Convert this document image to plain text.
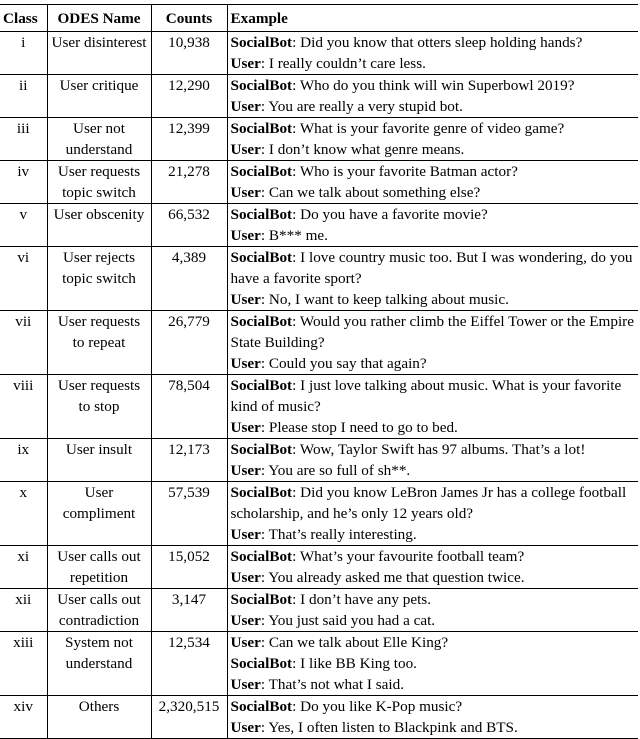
Class	ODES Name	Counts	Example
i	User disinterest	10,938	SocialBot: Did you know that otters sleep holding hands?
User: I really couldn’t care less.

ii	User critique	12,290	SocialBot: Who do you think will win Superbowl 2019?
User: You are really a very stupid bot.

iii	User not understand	12,399	SocialBot: What is your favorite genre of video game?
User: I don’t know what genre means.

iv	User requests topic switch	21,278	SocialBot: Who is your favorite Batman actor?
User: Can we talk about something else?

v	User obscenity	66,532	SocialBot: Do you have a favorite movie?
User: B*** me.

vi	User rejects topic switch	4,389	SocialBot: I love country music too. But I was wondering, do you have a favorite sport?
User: No, I want to keep talking about music.

vii	User requests to repeat	26,779	SocialBot: Would you rather climb the Eiffel Tower or the Empire State Building?
User: Could you say that again?

viii	User requests to stop	78,504	SocialBot: I just love talking about music. What is your favorite kind of music?
User: Please stop I need to go to bed.

ix	User insult	12,173	SocialBot: Wow, Taylor Swift has 97 albums. That’s a lot!
User: You are so full of sh**.

x	User compliment	57,539	SocialBot: Did you know LeBron James Jr has a college football scholarship, and he’s only 12 years old?
User: That’s really interesting.

xi	User calls out repetition	15,052	SocialBot: What’s your favourite football team?
User: You already asked me that question twice.

xii	User calls out contradiction	3,147	SocialBot: I don’t have any pets.
User: You just said you had a cat.

xiii	System not understand	12,534	User: Can we talk about Elle King?
SocialBot: I like BB King too.
User: That’s not what I said.

xiv	Others	2,320,515	SocialBot: Do you like K-Pop music?
User: Yes, I often listen to Blackpink and BTS.
